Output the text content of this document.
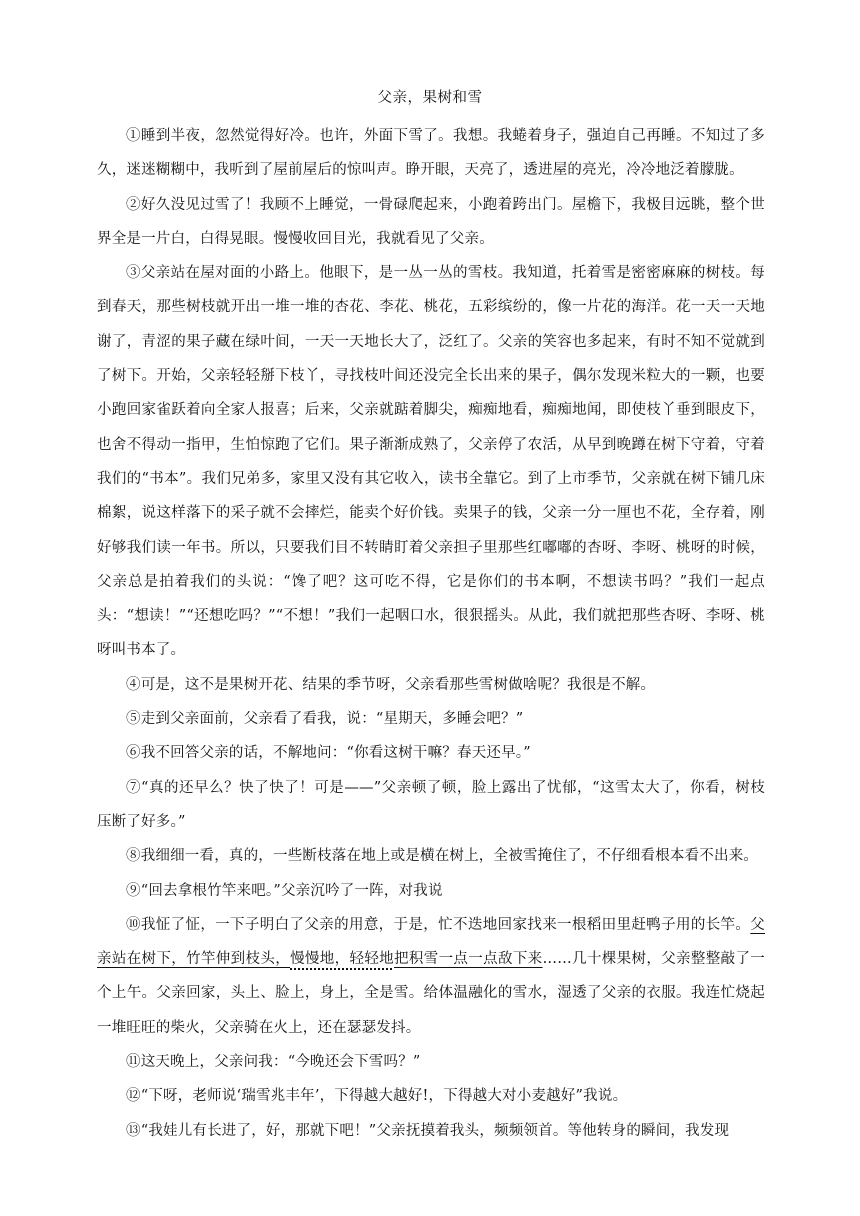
父亲，果树和雪

①睡到半夜，忽然觉得好冷。也许，外面下雪了。我想。我蜷着身子，强迫自己再睡。不知过了多久，迷迷糊糊中，我听到了屋前屋后的惊叫声。睁开眼，天亮了，透进屋的亮光，冷冷地泛着朦胧。

②好久没见过雪了！我顾不上睡觉，一骨碌爬起来，小跑着跨出门。屋檐下，我极目远眺，整个世界全是一片白，白得晃眼。慢慢收回目光，我就看见了父亲。

③父亲站在屋对面的小路上。他眼下，是一丛一丛的雪枝。我知道，托着雪是密密麻麻的树枝。每到春天，那些树枝就开出一堆一堆的杏花、李花、桃花，五彩缤纷的，像一片花的海洋。花一天一天地谢了，青涩的果子藏在绿叶间，一天一天地长大了，泛红了。父亲的笑容也多起来，有时不知不觉就到了树下。开始，父亲轻轻掰下枝丫，寻找枝叶间还没完全长出来的果子，偶尔发现米粒大的一颗，也要小跑回家雀跃着向全家人报喜；后来，父亲就踮着脚尖，痴痴地看，痴痴地闻，即使枝丫垂到眼皮下，也舍不得动一指甲，生怕惊跑了它们。果子渐渐成熟了，父亲停了农活，从早到晚蹲在树下守着，守着我们的“书本”。我们兄弟多，家里又没有其它收入，读书全靠它。到了上市季节，父亲就在树下铺几床棉絮，说这样落下的采子就不会摔烂，能卖个好价钱。卖果子的钱，父亲一分一厘也不花，全存着，刚好够我们读一年书。所以，只要我们目不转睛盯着父亲担子里那些红嘟嘟的杏呀、李呀、桃呀的时候，父亲总是拍着我们的头说：“馋了吧？这可吃不得，它是你们的书本啊，不想读书吗？”我们一起点头：“想读！”“还想吃吗？”“不想！”我们一起咽口水，很狠摇头。从此，我们就把那些杏呀、李呀、桃呀叫书本了。

④可是，这不是果树开花、结果的季节呀，父亲看那些雪树做啥呢？我很是不解。

⑤走到父亲面前，父亲看了看我，说：“星期天，多睡会吧？”

⑥我不回答父亲的话，不解地问：“你看这树干嘛？春天还早。”

⑦“真的还早么？快了快了！可是——”父亲顿了顿，脸上露出了忧郁，“这雪太大了，你看，树枝压断了好多。”

⑧我细细一看，真的，一些断枝落在地上或是横在树上，全被雪掩住了，不仔细看根本看不出来。

⑨“回去拿根竹竿来吧。”父亲沉吟了一阵，对我说

⑩我怔了怔，一下子明白了父亲的用意，于是，忙不迭地回家找来一根稻田里赶鸭子用的长竿。父亲站在树下，竹竿伸到枝头，慢慢地，轻轻地把积雪一点一点敌下来……几十棵果树，父亲整整敲了一个上午。父亲回家，头上、脸上，身上，全是雪。给体温融化的雪水，湿透了父亲的衣服。我连忙烧起一堆旺旺的柴火，父亲骑在火上，还在瑟瑟发抖。

⑪这天晚上，父亲问我：“今晚还会下雪吗？”

⑫“下呀，老师说‘瑞雪兆丰年’，下得越大越好!，下得越大对小麦越好”我说。

⑬“我娃儿有长进了，好，那就下吧！”父亲抚摸着我头，频频领首。等他转身的瞬间，我发现
